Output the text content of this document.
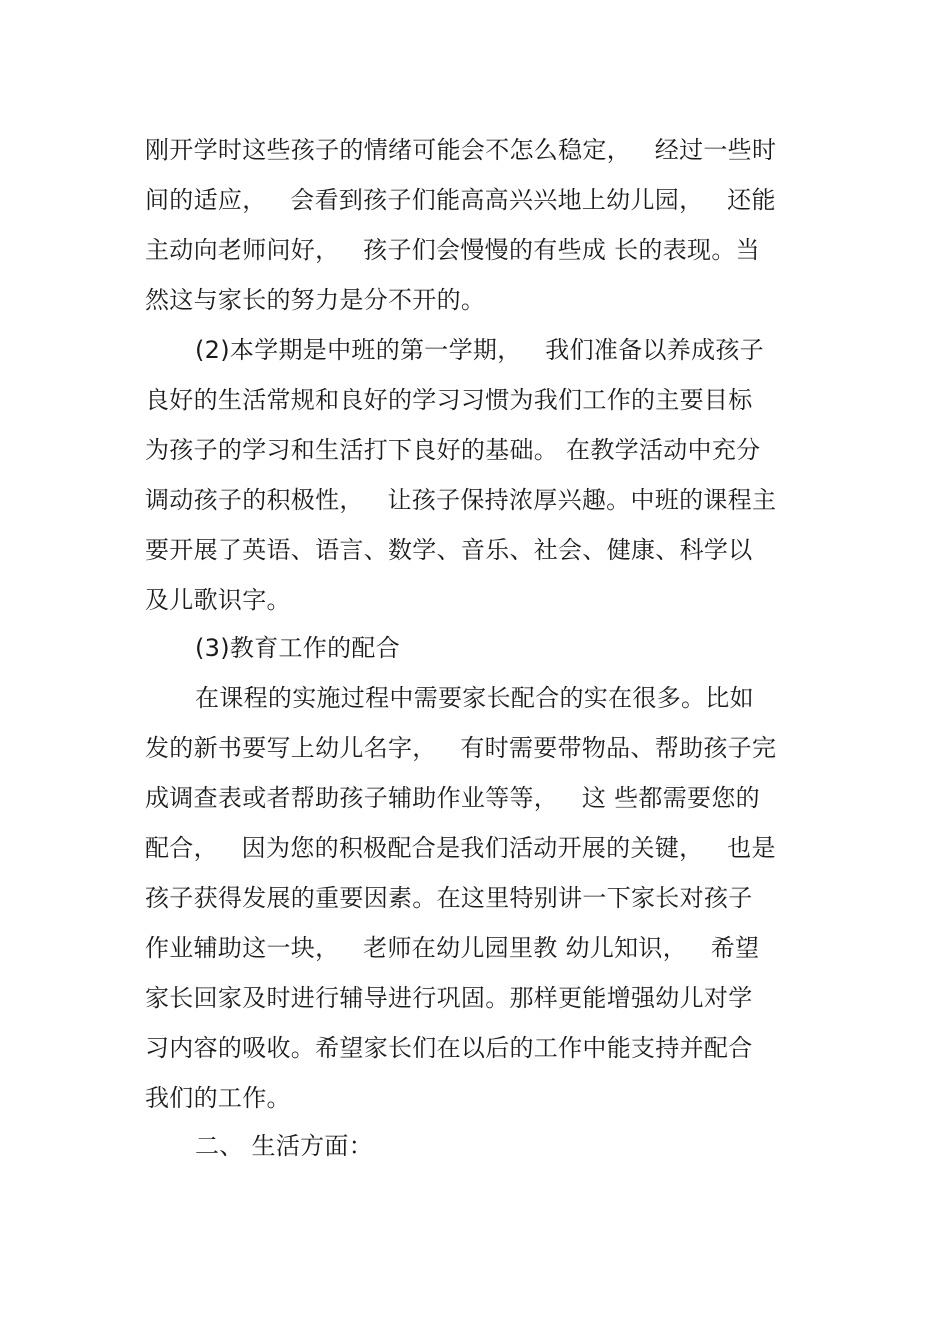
刚开学时这些孩子的情绪可能会不怎么稳定，   经过一些时
间的适应，   会看到孩子们能高高兴兴地上幼儿园，   还能
主动向老师问好，   孩子们会慢慢的有些成 长的表现。当
然这与家长的努力是分不开的。
(2)本学期是中班的第一学期，   我们准备以养成孩子
良好的生活常规和良好的学习习惯为我们工作的主要目标
为孩子的学习和生活打下良好的基础。 在教学活动中充分
调动孩子的积极性，   让孩子保持浓厚兴趣。中班的课程主
要开展了英语、语言、数学、音乐、社会、健康、科学以
及儿歌识字。
(3)教育工作的配合
在课程的实施过程中需要家长配合的实在很多。比如
发的新书要写上幼儿名字，   有时需要带物品、帮助孩子完
成调查表或者帮助孩子辅助作业等等，   这 些都需要您的
配合，   因为您的积极配合是我们活动开展的关键，   也是
孩子获得发展的重要因素。在这里特别讲一下家长对孩子
作业辅助这一块，   老师在幼儿园里教 幼儿知识，   希望
家长回家及时进行辅导进行巩固。那样更能增强幼儿对学
习内容的吸收。希望家长们在以后的工作中能支持并配合
我们的工作。
二、 生活方面：
